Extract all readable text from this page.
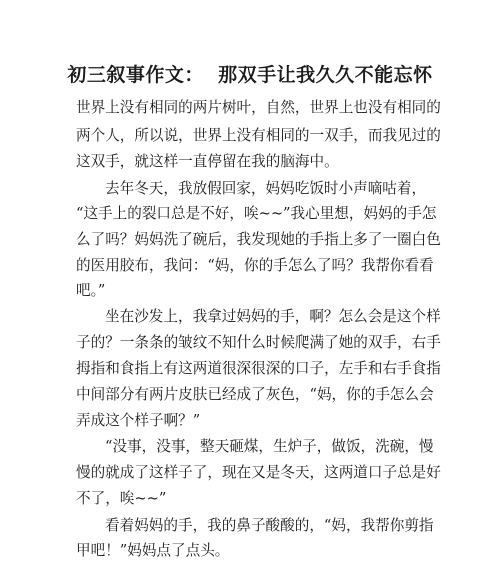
初三叙事作文：  那双手让我久久不能忘怀
世界上没有相同的两片树叶，自然，世界上也没有相同的
两个人，所以说，世界上没有相同的一双手，而我见过的
这双手，就这样一直停留在我的脑海中。
去年冬天，我放假回家，妈妈吃饭时小声嘀咕着，
“这手上的裂口总是不好，唉~~”我心里想，妈妈的手怎
么了吗？妈妈洗了碗后，我发现她的手指上多了一圈白色
的医用胶布，我问：“妈，你的手怎么了吗？我帮你看看
吧。”
坐在沙发上，我拿过妈妈的手，啊？怎么会是这个样
子的？一条条的皱纹不知什么时候爬满了她的双手，右手
拇指和食指上有这两道很深很深的口子，左手和右手食指
中间部分有两片皮肤已经成了灰色，“妈，你的手怎么会
弄成这个样子啊？”
“没事，没事，整天砸煤，生炉子，做饭，洗碗，慢
慢的就成了这样子了，现在又是冬天，这两道口子总是好
不了，唉~~”
看着妈妈的手，我的鼻子酸酸的，“妈，我帮你剪指
甲吧！”妈妈点了点头。
